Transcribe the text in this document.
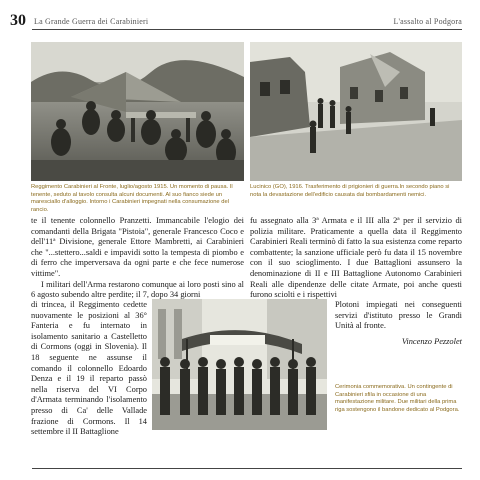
30 La Grande Guerra dei Carabinieri	L'assalto al Podgora
Reggimento Carabinieri al Fronte, luglio/agosto 1915. Un momento di pausa. Il tenente, seduto al tavolo consulta alcuni documenti. Al suo fianco siede un maresciallo d'alloggio. Intorno i Carabinieri impegnati nella consumazione del rancio.
Lucinico (GO), 1916. Trasferimento di prigionieri di guerra.In secondo piano si nota la devastazione dell'edificio causata dai bombardamenti nemici.

te il tenente colonnello Pranzetti. Immancabile l'elogio dei comandanti della Brigata "Pistoia", generale Francesco Coco e dell'11ª Divisione, generale Ettore Mambretti, ai Carabinieri che "...stettero...saldi e impavidi sotto la tempesta di piombo e di ferro che imperversava da ogni parte e che fece numerose vittime".

I militari dell'Arma restarono comunque ai loro posti sino al 6 agosto subendo altre perdite; il 7, dopo 34 giorni

di trincea, il Reggimento cedette nuovamente le posizioni al 36° Fanteria e fu internato in isolamento sanitario a Castelletto di Cormons (oggi in Slovenia). Il 18 seguente ne assunse il comando il colonnello Edoardo Denza e il 19 il reparto passò nella riserva del VI Corpo d'Armata terminando l'isolamento presso di Ca' delle Vallade frazione di Cormons. Il 14 settembre il II Battaglione
fu assegnato alla 3ª Armata e il III alla 2ª per il servizio di polizia militare. Praticamente a quella data il Reggimento Carabinieri Reali terminò di fatto la sua esistenza come reparto combattente; la sanzione ufficiale però fu data il 15 novembre con il suo scioglimento. I due Battaglioni assunsero la denominazione di II e III Battaglione Autonomo Carabinieri Reali alle dipendenze delle citate Armate, poi anche questi furono sciolti e i rispettivi
Plotoni impiegati nei conseguenti servizi d'istituto presso le Grandi Unità al fronte.
Vincenzo Pezzolet
Cerimonia commemorativa. Un contingente di Carabinieri sfila in occasione di una manifestazione militare. Due militari della prima riga sostengono il bandone dedicato al Podgora.
